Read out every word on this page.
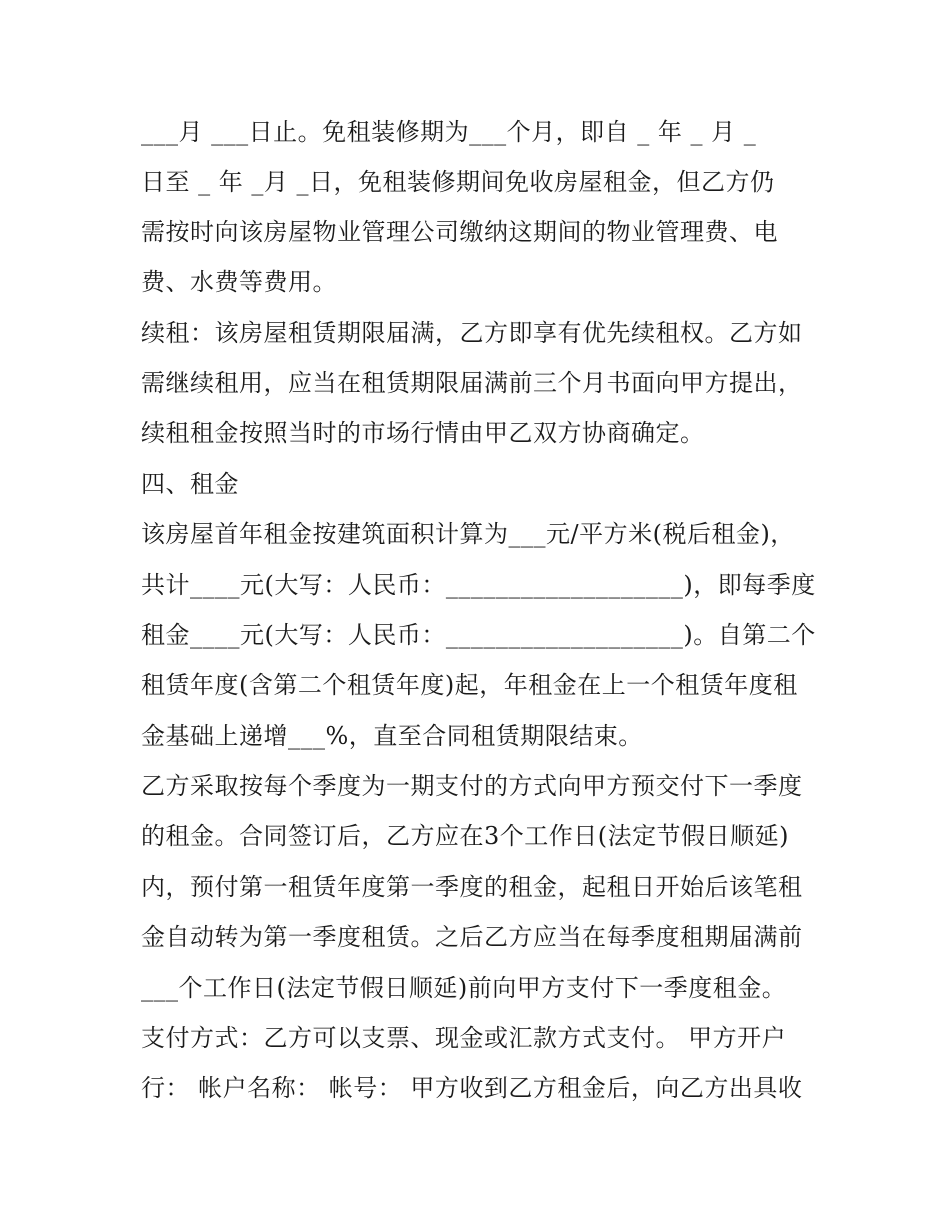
___月 ___日止。免租装修期为___个月，即自 _ 年 _ 月 _
日至 _ 年 _月 _日，免租装修期间免收房屋租金，但乙方仍
需按时向该房屋物业管理公司缴纳这期间的物业管理费、电
费、水费等费用。
续租：该房屋租赁期限届满，乙方即享有优先续租权。乙方如
需继续租用，应当在租赁期限届满前三个月书面向甲方提出，
续租租金按照当时的市场行情由甲乙双方协商确定。
四、租金
该房屋首年租金按建筑面积计算为___元/平方米(税后租金)，
共计____元(大写：人民币：___________________)，即每季度
租金____元(大写：人民币：___________________)。自第二个
租赁年度(含第二个租赁年度)起，年租金在上一个租赁年度租
金基础上递增___%，直至合同租赁期限结束。
乙方采取按每个季度为一期支付的方式向甲方预交付下一季度
的租金。合同签订后，乙方应在3个工作日(法定节假日顺延)
内，预付第一租赁年度第一季度的租金，起租日开始后该笔租
金自动转为第一季度租赁。之后乙方应当在每季度租期届满前
___个工作日(法定节假日顺延)前向甲方支付下一季度租金。
支付方式：乙方可以支票、现金或汇款方式支付。 甲方开户
行： 帐户名称： 帐号： 甲方收到乙方租金后，向乙方出具收
